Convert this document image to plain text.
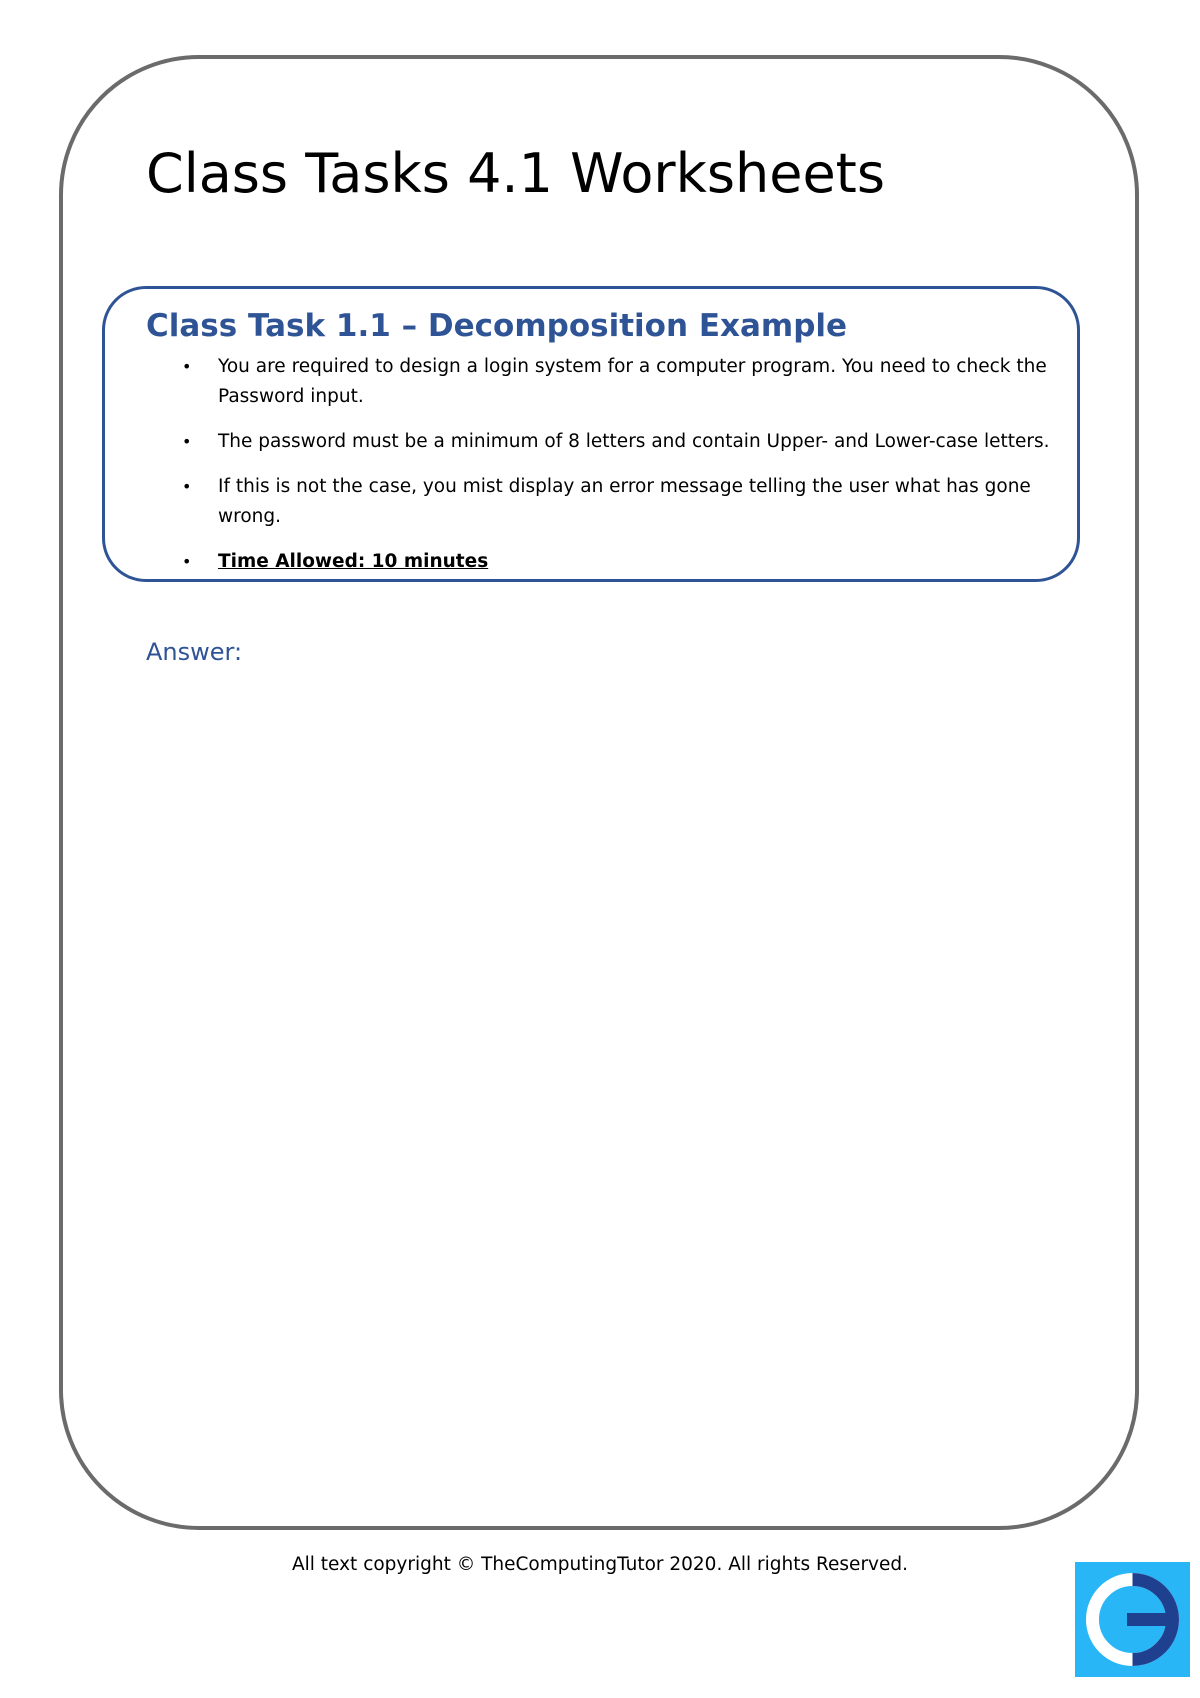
Class Tasks 4.1 Worksheets
Class Task 1.1 – Decomposition Example
• You are required to design a login system for a computer program. You need to check the Password input.
• The password must be a minimum of 8 letters and contain Upper- and Lower-case letters.
• If this is not the case, you mist display an error message telling the user what has gone wrong.
• Time Allowed: 10 minutes
Answer:
All text copyright © TheComputingTutor 2020. All rights Reserved.
